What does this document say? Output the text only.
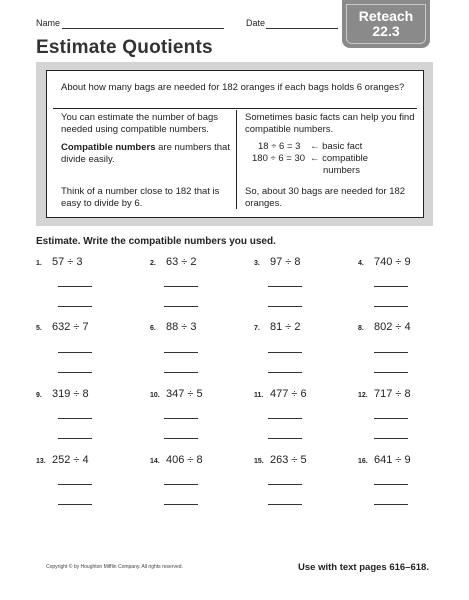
Name	Date	Reteach
22.3
Estimate Quotients
About how many bags are needed for 182 oranges if each bags holds 6 oranges?
You can estimate the number of bags needed using compatible numbers.
Compatible numbers are numbers that divide easily.
Think of a number close to 182 that is easy to divide by 6.
Sometimes basic facts can help you find compatible numbers.
So, about 30 bags are needed for 182 oranges.
18 ÷ 6 = 3 ← basic fact
180 ÷ 6 = 30 ← compatible
numbers
Estimate. Write the compatible numbers you used.
1. 57 ÷ 3	2. 63 ÷ 2	3. 97 ÷ 8	4. 740 ÷ 9
5. 632 ÷ 7	6. 88 ÷ 3	7. 81 ÷ 2	8. 802 ÷ 4
9. 319 ÷ 8	10. 347 ÷ 5	11. 477 ÷ 6	12. 717 ÷ 8
13. 252 ÷ 4	14. 406 ÷ 8	15. 263 ÷ 5	16. 641 ÷ 9
Copyright © by Houghton Mifflin Company. All rights reserved.	Use with text pages 616–618.
